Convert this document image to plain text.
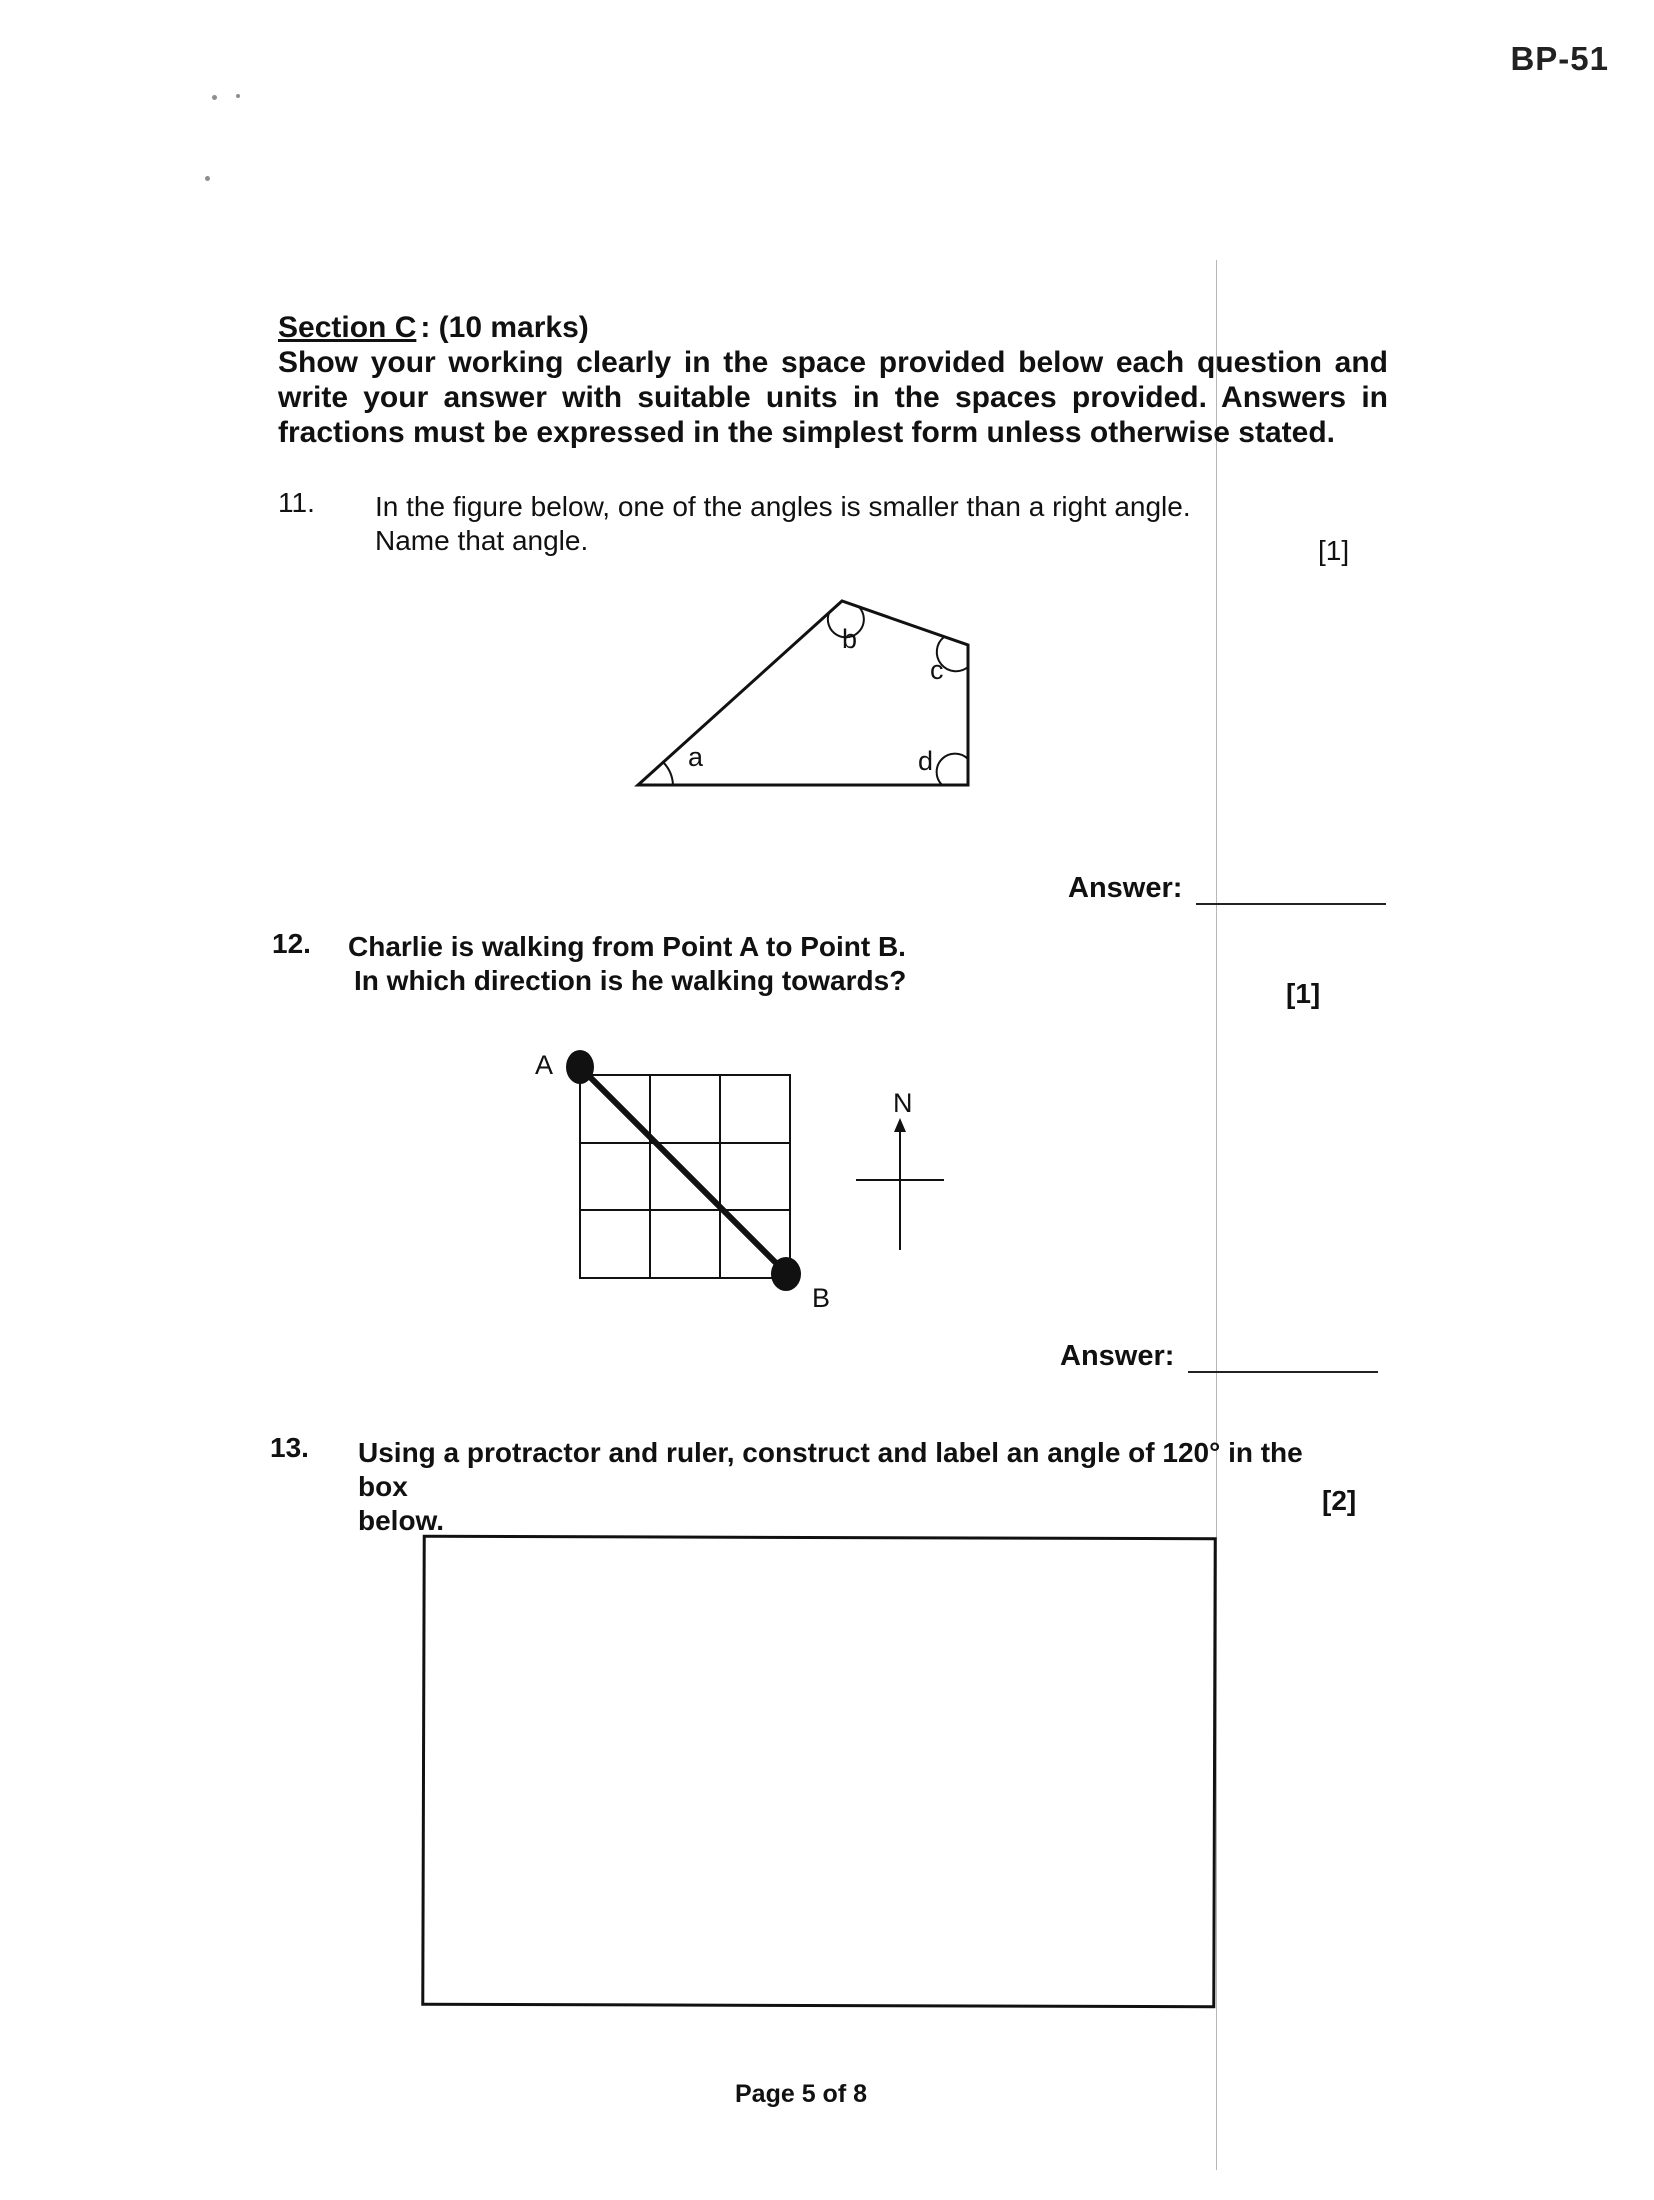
BP-51
Section C : (10 marks)
Show your working clearly in the space provided below each question and write your answer with suitable units in the spaces provided. Answers in fractions must be expressed in the simplest form unless otherwise stated.
11. In the figure below, one of the angles is smaller than a right angle.
Name that angle.	[1]
a
b
c
d
Answer:
12. Charlie is walking from Point A to Point B.
In which direction is he walking towards?	[1]
A
B
N
Answer:
13. Using a protractor and ruler, construct and label an angle of 120° in the box
below.
[2]
Page 5 of 8
